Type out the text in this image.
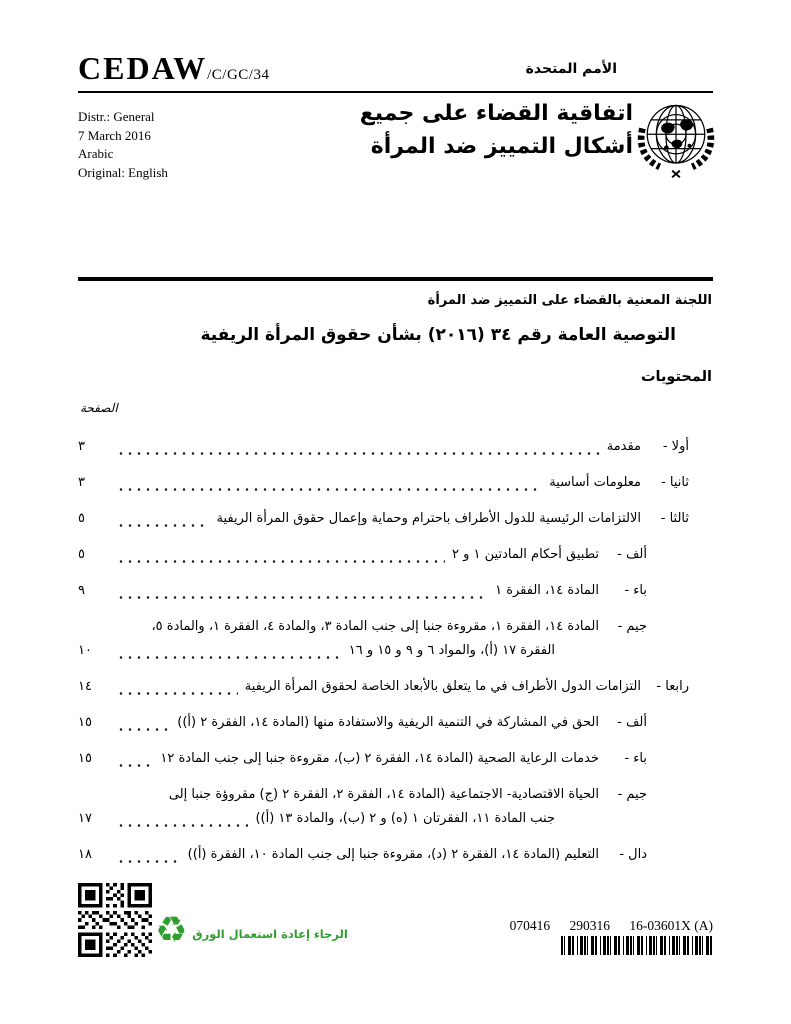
CEDAW/C/GC/34	الأمم المتحدة
Distr.: General
7 March 2016
Arabic
Original: English
اتفاقية القضاء على جميع
أشكال التمييز ضد المرأة
اللجنة المعنية بالقضاء على التمييز ضد المرأة
التوصية العامة رقم ٣٤ (٢٠١٦) بشأن حقوق المرأة الريفية
المحتويات
الصفحة
أولا -
مقدمة
٣
ثانيا -
معلومات أساسية
٣
ثالثا -
الالتزامات الرئيسية للدول الأطراف باحترام وحماية وإعمال حقوق المرأة الريفية
٥
ألف -
تطبيق أحكام المادتين ١ و ٢
٥
باء -
المادة ١٤، الفقرة ١
٩
جيم -
المادة ١٤، الفقرة ١، مقروءة جنبا إلى جنب المادة ٣، والمادة ٤، الفقرة ١، والمادة ٥،
الفقرة ١٧ (أ)، والمواد ٦ و ٩ و ١٥ و ١٦
١٠
رابعا -
التزامات الدول الأطراف في ما يتعلق بالأبعاد الخاصة لحقوق المرأة الريفية
١٤
ألف -
الحق في المشاركة في التنمية الريفية والاستفادة منها (المادة ١٤، الفقرة ٢ (أ))
١٥
باء -
خدمات الرعاية الصحية (المادة ١٤، الفقرة ٢ (ب)، مقروءة جنبا إلى جنب المادة ١٢
١٥
جيم -
الحياة الاقتصادية- الاجتماعية (المادة ١٤، الفقرة ٢، الفقرة ٢ (ج) مقروؤة جنبا إلى
جنب المادة ١١، الفقرتان ١ (ه) و ٢ (ب)، والمادة ١٣ (أ))
١٧
دال -
التعليم (المادة ١٤، الفقرة ٢ (د)، مقروءة جنبا إلى جنب المادة ١٠، الفقرة (أ))
١٨
♻ الرجاء إعادة استعمال الورق
070416 290316 16-03601X (A)
